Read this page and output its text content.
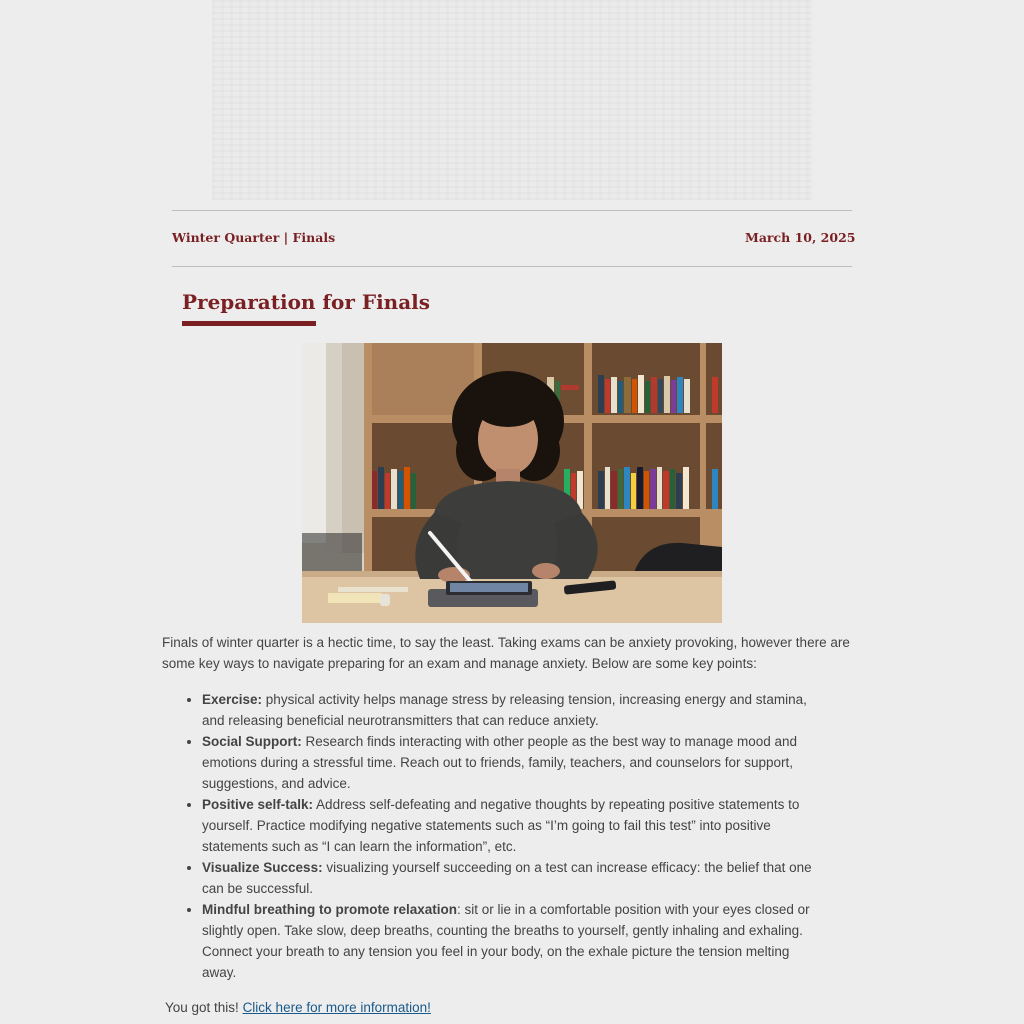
Winter Quarter | Finals	March 10, 2025
Preparation for Finals

Finals of winter quarter is a hectic time, to say the least. Taking exams can be anxiety provoking, however there are some key ways to navigate preparing for an exam and manage anxiety. Below are some key points:

• Exercise: physical activity helps manage stress by releasing tension, increasing energy and stamina, and releasing beneficial neurotransmitters that can reduce anxiety.
• Social Support: Research finds interacting with other people as the best way to manage mood and emotions during a stressful time. Reach out to friends, family, teachers, and counselors for support, suggestions, and advice.
• Positive self-talk: Address self-defeating and negative thoughts by repeating positive statements to yourself. Practice modifying negative statements such as “I’m going to fail this test” into positive statements such as “I can learn the information”, etc.
• Visualize Success: visualizing yourself succeeding on a test can increase efficacy: the belief that one can be successful.
• Mindful breathing to promote relaxation: sit or lie in a comfortable position with your eyes closed or slightly open. Take slow, deep breaths, counting the breaths to yourself, gently inhaling and exhaling. Connect your breath to any tension you feel in your body, on the exhale picture the tension melting away.
You got this! Click here for more information!
